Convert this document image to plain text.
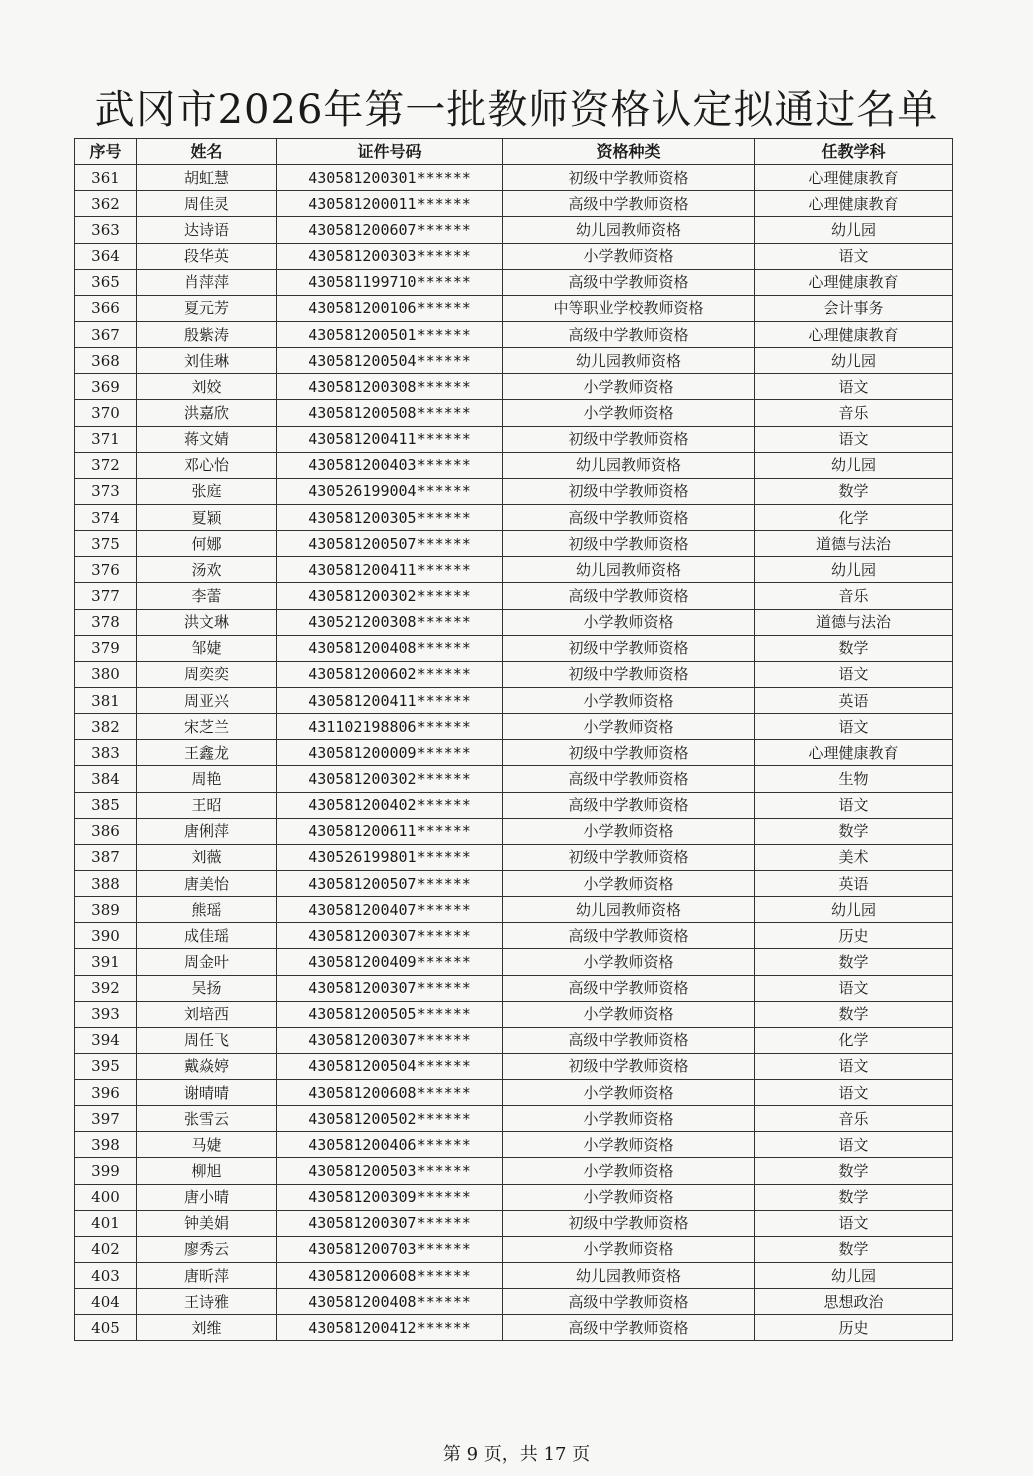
武冈市2026年第一批教师资格认定拟通过名单
序号	姓名	证件号码	资格种类	任教学科
361	胡虹慧	430581200301******	初级中学教师资格	心理健康教育
362	周佳灵	430581200011******	高级中学教师资格	心理健康教育
363	达诗语	430581200607******	幼儿园教师资格	幼儿园
364	段华英	430581200303******	小学教师资格	语文
365	肖萍萍	430581199710******	高级中学教师资格	心理健康教育
366	夏元芳	430581200106******	中等职业学校教师资格	会计事务
367	殷紫涛	430581200501******	高级中学教师资格	心理健康教育
368	刘佳琳	430581200504******	幼儿园教师资格	幼儿园
369	刘姣	430581200308******	小学教师资格	语文
370	洪嘉欣	430581200508******	小学教师资格	音乐
371	蒋文婧	430581200411******	初级中学教师资格	语文
372	邓心怡	430581200403******	幼儿园教师资格	幼儿园
373	张庭	430526199004******	初级中学教师资格	数学
374	夏颖	430581200305******	高级中学教师资格	化学
375	何娜	430581200507******	初级中学教师资格	道德与法治
376	汤欢	430581200411******	幼儿园教师资格	幼儿园
377	李蕾	430581200302******	高级中学教师资格	音乐
378	洪文琳	430521200308******	小学教师资格	道德与法治
379	邹婕	430581200408******	初级中学教师资格	数学
380	周奕奕	430581200602******	初级中学教师资格	语文
381	周亚兴	430581200411******	小学教师资格	英语
382	宋芝兰	431102198806******	小学教师资格	语文
383	王鑫龙	430581200009******	初级中学教师资格	心理健康教育
384	周艳	430581200302******	高级中学教师资格	生物
385	王昭	430581200402******	高级中学教师资格	语文
386	唐俐萍	430581200611******	小学教师资格	数学
387	刘薇	430526199801******	初级中学教师资格	美术
388	唐美怡	430581200507******	小学教师资格	英语
389	熊瑶	430581200407******	幼儿园教师资格	幼儿园
390	成佳瑶	430581200307******	高级中学教师资格	历史
391	周金叶	430581200409******	小学教师资格	数学
392	吴扬	430581200307******	高级中学教师资格	语文
393	刘培西	430581200505******	小学教师资格	数学
394	周任飞	430581200307******	高级中学教师资格	化学
395	戴焱婷	430581200504******	初级中学教师资格	语文
396	谢晴晴	430581200608******	小学教师资格	语文
397	张雪云	430581200502******	小学教师资格	音乐
398	马婕	430581200406******	小学教师资格	语文
399	柳旭	430581200503******	小学教师资格	数学
400	唐小晴	430581200309******	小学教师资格	数学
401	钟美娟	430581200307******	初级中学教师资格	语文
402	廖秀云	430581200703******	小学教师资格	数学
403	唐昕萍	430581200608******	幼儿园教师资格	幼儿园
404	王诗雅	430581200408******	高级中学教师资格	思想政治
405	刘维	430581200412******	高级中学教师资格	历史
第 9 页，共 17 页
